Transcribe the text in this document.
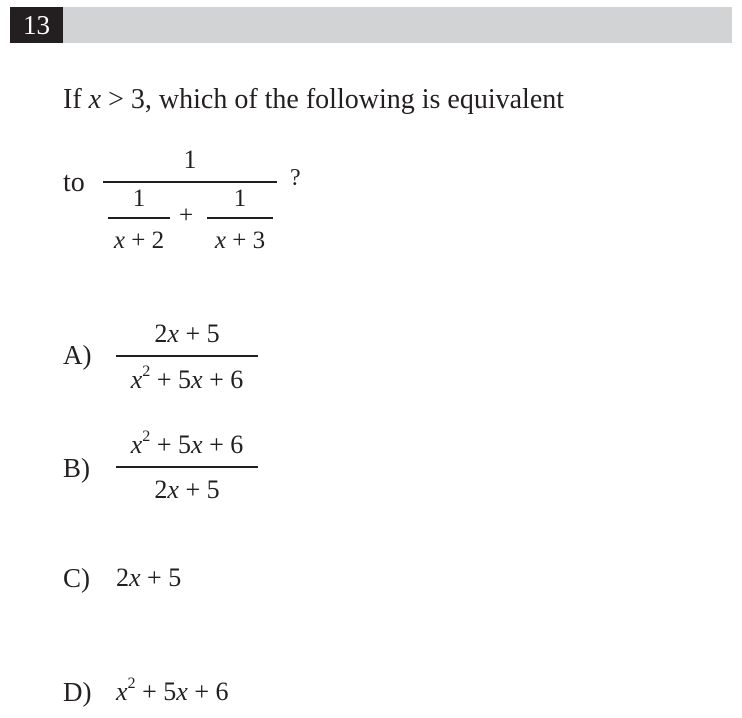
13
If x > 3, which of the following is equivalent
to
1
?
1
x + 2
+
1
x + 3
A)
2x + 5
$x^2 + 5x + 6$
B)
$x^2 + 5x + 6$
2x + 5
C) 2x + 5
D) $x^2 + 5x + 6$
